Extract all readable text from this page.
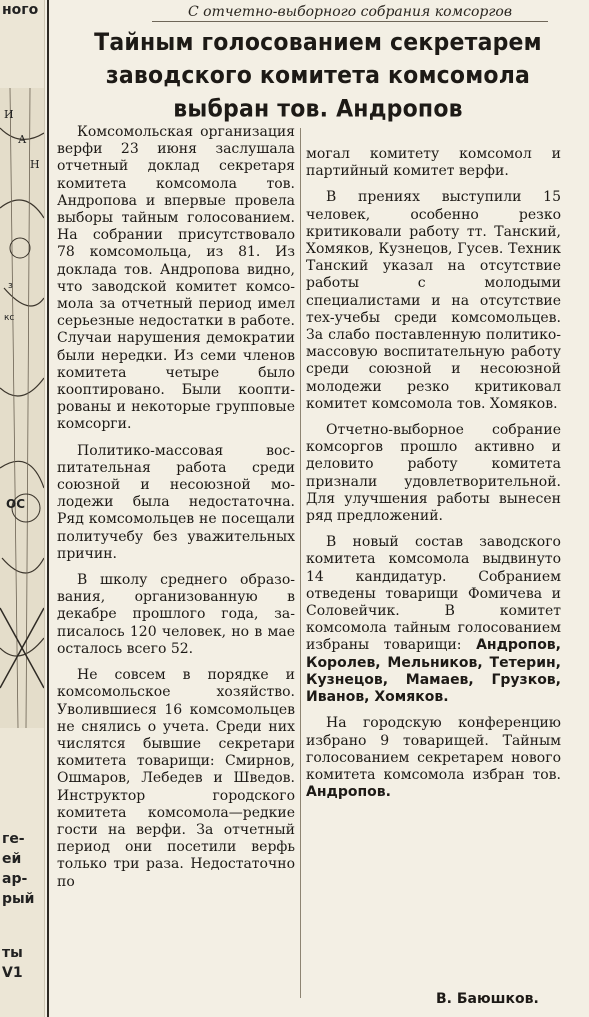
ного
И
А
Н
з
кс
ОС
ге-
ей
ар-
рый
ты
V1
С отчетно-выборного собрания комсоргов
Тайным голосованием секретарем заводского комитета комсомола выбран тов. Андропов

Комсомольская организация верфи 23 июня заслушала отчетный доклад секретаря комитета комсомола тов. Андропова и впервые провела выборы тайным голосованием. На собрании присутствовало 78 комсомольца, из 81. Из доклада тов. Андропова видно, что заводской комитет комсомола за отчетный период имел серьезные недостатки в работе. Случаи нарушения демократии были нередки. Из семи членов комитета четыре было кооптировано. Были кооптированы и некоторые групповые комсорги.

Политико-массовая воспитательная работа среди союзной и несоюзной молодежи была недостаточна. Ряд комсомольцев не посещали политучебу без уважительных причин.

В школу среднего образования, организованную в декабре прошлого года, записалось 120 человек, но в мае осталось всего 52.

Не совсем в порядке и комсомольское хозяйство. Уволившиеся 16 комсомольцев не снялись о учета. Среди них числятся бывшие секретари комитета товарищи: Смирнов, Ошмаров, Лебедев и Шведов. Инструктор городского комитета комсомола—редкие гости на верфи. За отчетный период они посетили верфь только три раза. Недостаточно по

могал комитету комсомол и партийный комитет верфи.

В прениях выступили 15 человек, особенно резко критиковали работу тт. Танский, Хомяков, Кузнецов, Гусев. Техник Танский указал на отсутствие работы с молодыми специалистами и на отсутствие тех-учебы среди комсомольцев. За слабо поставленную политико-массовую воспитательную работу среди союзной и несоюзной молодежи резко критиковал комитет комсомола тов. Хомяков.

Отчетно-выборное собрание комсоргов прошло активно и деловито работу комитета признали удовлетворительной. Для улучшения работы вынесен ряд предложений.

В новый состав заводского комитета комсомола выдвинуто 14 кандидатур. Собранием отведены товарищи Фомичева и Соловейчик. В комитет комсомола тайным голосованием избраны товарищи: Андропов, Королев, Мельников, Тетерин, Кузнецов, Мамаев, Грузков, Иванов, Хомяков.

На городскую конференцию избрано 9 товарищей. Тайным голосованием секретарем нового комитета комсомола избран тов. Андропов.

В. Баюшков.
